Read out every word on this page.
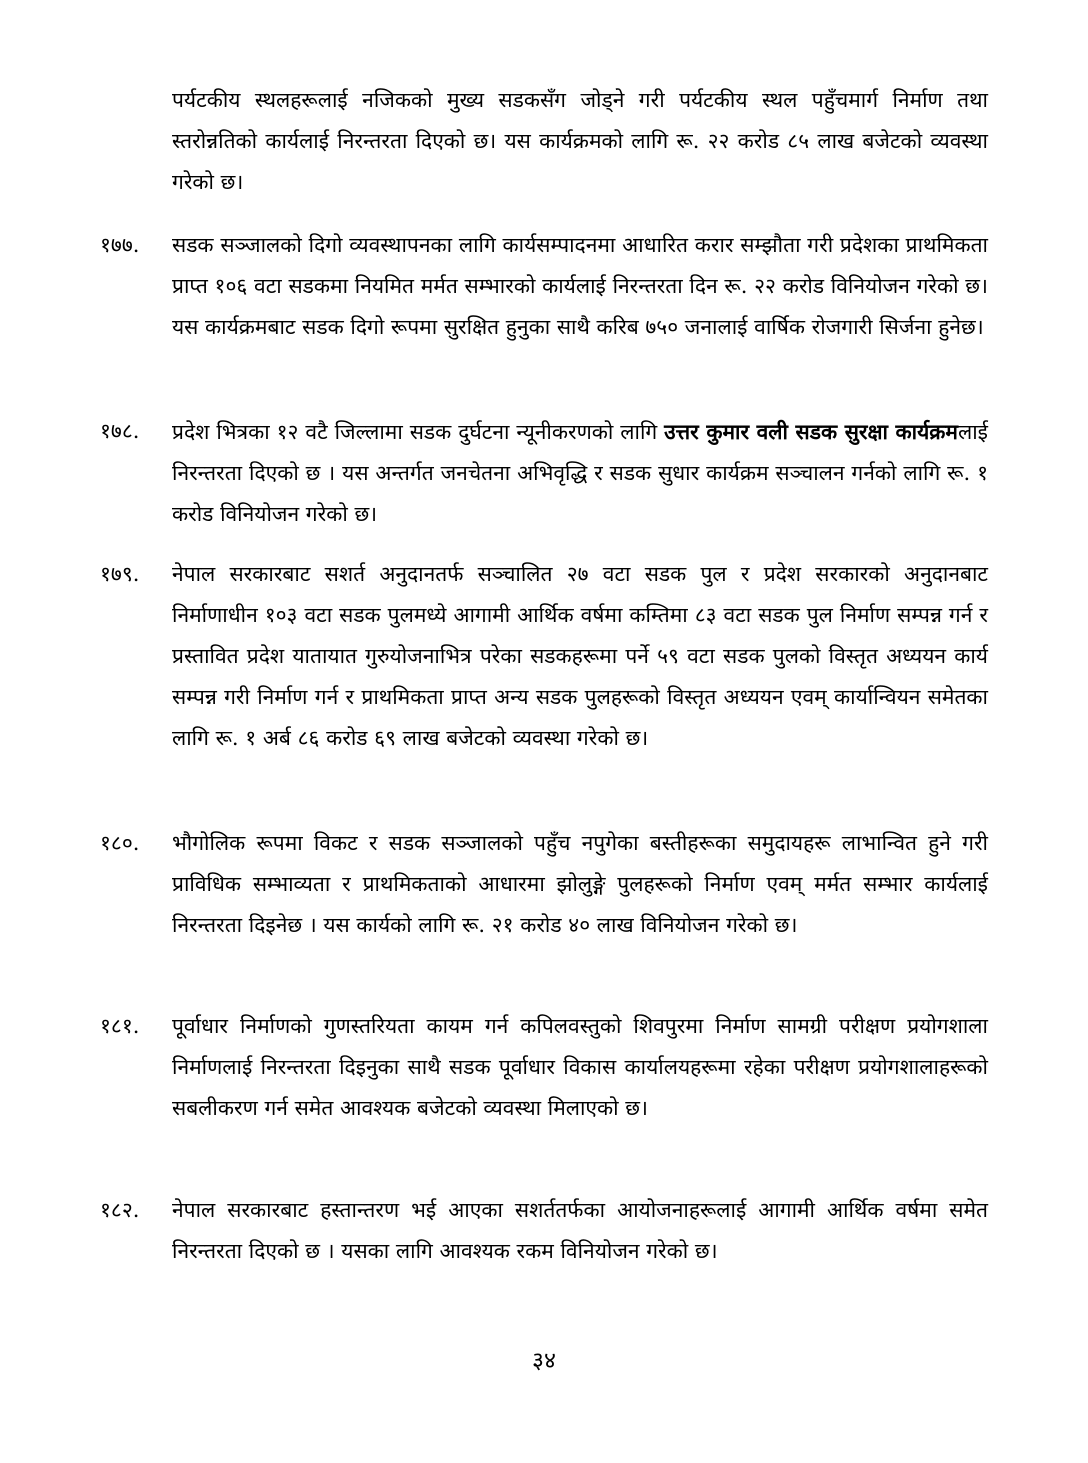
पर्यटकीय स्थलहरूलाई नजिकको मुख्य सडकसँग जोड्ने गरी पर्यटकीय स्थल पहुँचमार्ग निर्माण तथा स्तरोन्नतिको कार्यलाई निरन्तरता दिएको छ। यस कार्यक्रमको लागि रू. २२ करोड ८५ लाख बजेटको व्यवस्था गरेको छ।
१७७. सडक सञ्जालको दिगो व्यवस्थापनका लागि कार्यसम्पादनमा आधारित करार सम्झौता गरी प्रदेशका प्राथमिकता प्राप्त १०६ वटा सडकमा नियमित मर्मत सम्भारको कार्यलाई निरन्तरता दिन रू. २२ करोड विनियोजन गरेको छ। यस कार्यक्रमबाट सडक दिगो रूपमा सुरक्षित हुनुका साथै करिब ७५० जनालाई वार्षिक रोजगारी सिर्जना हुनेछ।
१७८. प्रदेश भित्रका १२ वटै जिल्लामा सडक दुर्घटना न्यूनीकरणको लागि उत्तर कुमार वली सडक सुरक्षा कार्यक्रमलाई निरन्तरता दिएको छ । यस अन्तर्गत जनचेतना अभिवृद्धि र सडक सुधार कार्यक्रम सञ्चालन गर्नको लागि रू. १ करोड विनियोजन गरेको छ।
१७९. नेपाल सरकारबाट सशर्त अनुदानतर्फ सञ्चालित २७ वटा सडक पुल र प्रदेश सरकारको अनुदानबाट निर्माणाधीन १०३ वटा सडक पुलमध्ये आगामी आर्थिक वर्षमा कम्तिमा ८३ वटा सडक पुल निर्माण सम्पन्न गर्न र प्रस्तावित प्रदेश यातायात गुरुयोजनाभित्र परेका सडकहरूमा पर्ने ५९ वटा सडक पुलको विस्तृत अध्ययन कार्य सम्पन्न गरी निर्माण गर्न र प्राथमिकता प्राप्त अन्य सडक पुलहरूको विस्तृत अध्ययन एवम् कार्यान्वियन समेतका लागि रू. १ अर्ब ८६ करोड ६९ लाख बजेटको व्यवस्था गरेको छ।
१८०. भौगोलिक रूपमा विकट र सडक सञ्जालको पहुँच नपुगेका बस्तीहरूका समुदायहरू लाभान्वित हुने गरी प्राविधिक सम्भाव्यता र प्राथमिकताको आधारमा झोलुङ्गे पुलहरूको निर्माण एवम् मर्मत सम्भार कार्यलाई निरन्तरता दिइनेछ । यस कार्यको लागि रू. २१ करोड ४० लाख विनियोजन गरेको छ।
१८१. पूर्वाधार निर्माणको गुणस्तरियता कायम गर्न कपिलवस्तुको शिवपुरमा निर्माण सामग्री परीक्षण प्रयोगशाला निर्माणलाई निरन्तरता दिइनुका साथै सडक पूर्वाधार विकास कार्यालयहरूमा रहेका परीक्षण प्रयोगशालाहरूको सबलीकरण गर्न समेत आवश्यक बजेटको व्यवस्था मिलाएको छ।
१८२. नेपाल सरकारबाट हस्तान्तरण भई आएका सशर्ततर्फका आयोजनाहरूलाई आगामी आर्थिक वर्षमा समेत निरन्तरता दिएको छ । यसका लागि आवश्यक रकम विनियोजन गरेको छ।
३४
